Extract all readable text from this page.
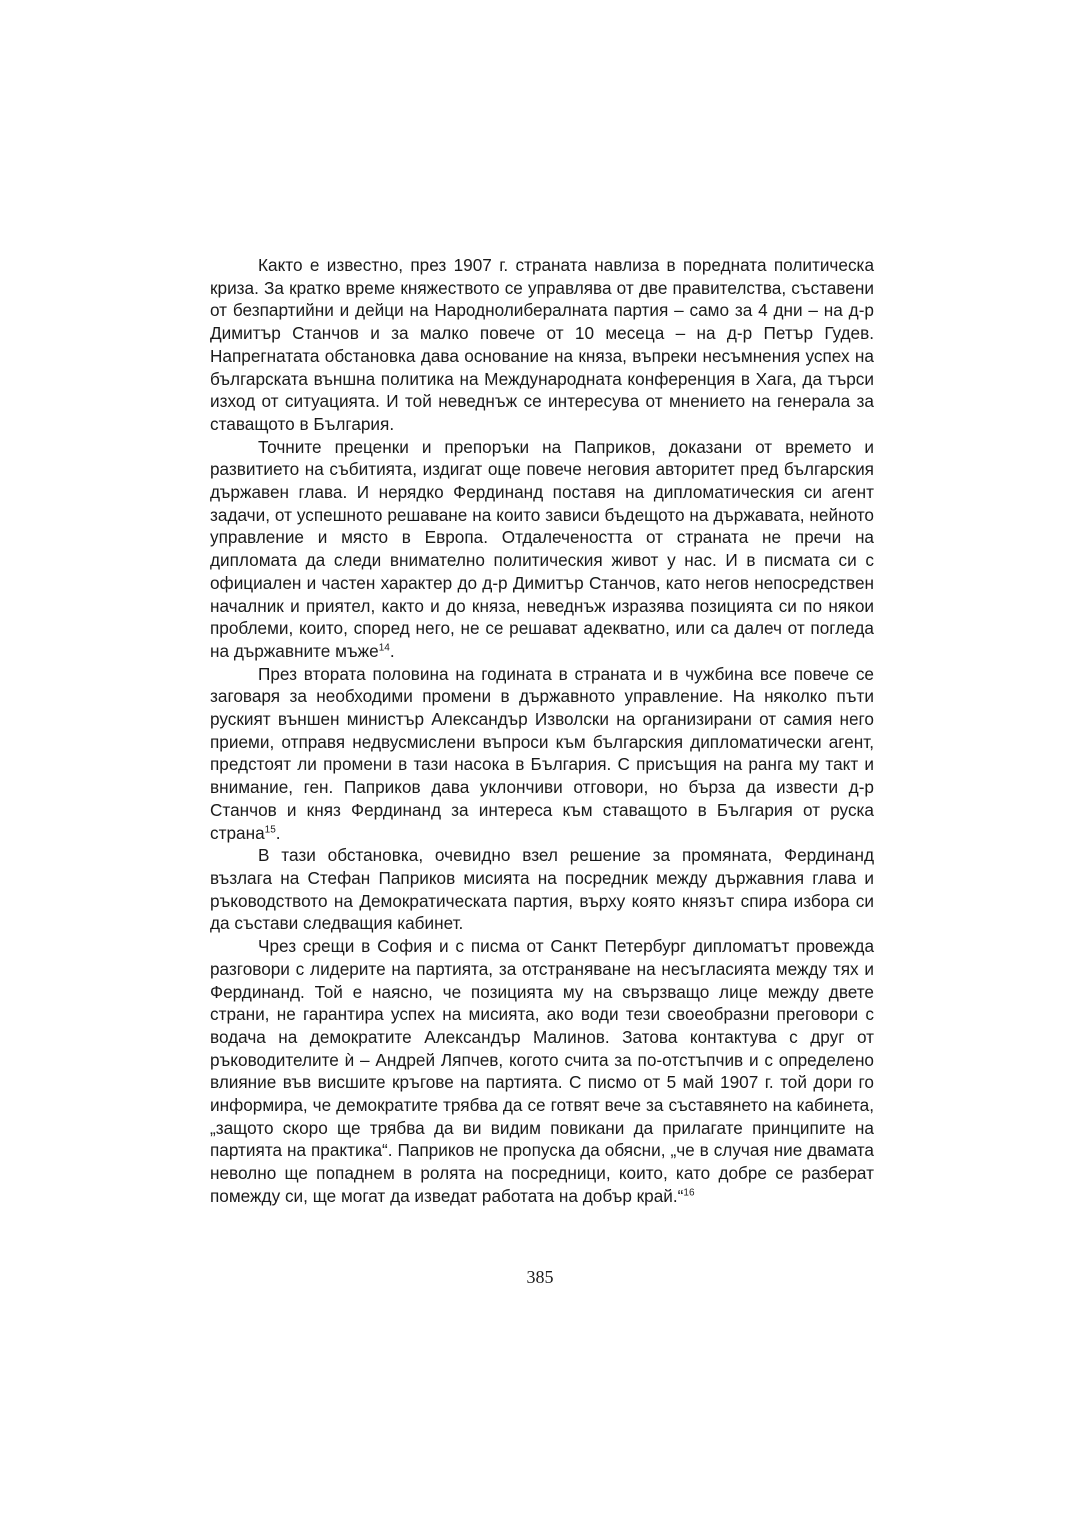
Както е известно, през 1907 г. страната навлиза в поредната политическа криза. За кратко време княжеството се управлява от две правителства, съставени от безпартийни и дейци на Народнолибералната партия – само за 4 дни – на д-р Димитър Станчов и за малко повече от 10 месеца – на д-р Петър Гудев. Напрегнатата обстановка дава основание на княза, въпреки несъмнения успех на българската външна политика на Международната конференция в Хага, да търси изход от ситуацията. И той неведнъж се интересува от мнението на генерала за ставащото в България.

Точните преценки и препоръки на Паприков, доказани от времето и развитието на събитията, издигат още повече неговия авторитет пред българския държавен глава. И нерядко Фердинанд поставя на дипломатическия си агент задачи, от успешното решаване на които зависи бъдещото на държавата, нейното управление и място в Европа. Отдалечеността от страната не пречи на дипломата да следи внимателно политическия живот у нас. И в писмата си с официален и частен характер до д-р Димитър Станчов, като негов непосредствен началник и приятел, както и до княза, неведнъж изразява позицията си по някои проблеми, които, според него, не се решават адекватно, или са далеч от погледа на държавните мъже$^{14}$.

През втората половина на годината в страната и в чужбина все повече се заговаря за необходими промени в държавното управление. На няколко пъти руският външен министър Александър Изволски на организирани от самия него приеми, отправя недвусмислени въпроси към българския дипломатически агент, предстоят ли промени в тази насока в България. С присъщия на ранга му такт и внимание, ген. Паприков дава уклончиви отговори, но бърза да извести д-р Станчов и княз Фердинанд за интереса към ставащото в България от руска страна$^{15}$.

В тази обстановка, очевидно взел решение за промяната, Фердинанд възлага на Стефан Паприков мисията на посредник между държавния глава и ръководството на Демократическата партия, върху която князът спира избора си да състави следващия кабинет.

Чрез срещи в София и с писма от Санкт Петербург дипломатът провежда разговори с лидерите на партията, за отстраняване на несъгласията между тях и Фердинанд. Той е наясно, че позицията му на свързващо лице между двете страни, не гарантира успех на мисията, ако води тези своеобразни преговори с водача на демократите Александър Малинов. Затова контактува с друг от ръководителите ѝ – Андрей Ляпчев, когото счита за по-отстъпчив и с определено влияние във висшите кръгове на партията. С писмо от 5 май 1907 г. той дори го информира, че демократите трябва да се готвят вече за съставянето на кабинета, „защото скоро ще трябва да ви видим повикани да прилагате принципите на партията на практика“. Паприков не пропуска да обясни, „че в случая ние двамата неволно ще попаднем в ролята на посредници, които, като добре се разберат помежду си, ще могат да изведат работата на добър край.“$^{16}$

385
